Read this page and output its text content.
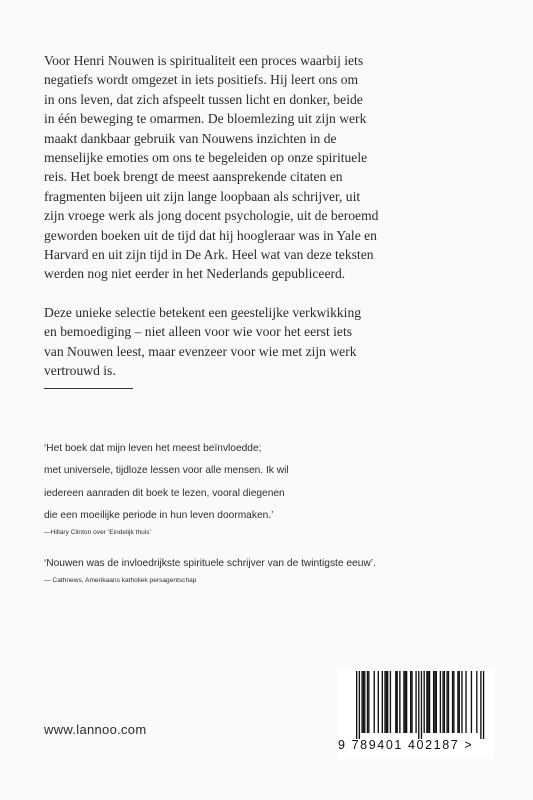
Voor Henri Nouwen is spiritualiteit een proces waarbij iets
negatiefs wordt omgezet in iets positiefs. Hij leert ons om
in ons leven, dat zich afspeelt tussen licht en donker, beide
in één beweging te omarmen. De bloemlezing uit zijn werk
maakt dankbaar gebruik van Nouwens inzichten in de
menselijke emoties om ons te begeleiden op onze spirituele
reis. Het boek brengt de meest aansprekende citaten en
fragmenten bijeen uit zijn lange loopbaan als schrijver, uit
zijn vroege werk als jong docent psychologie, uit de beroemd
geworden boeken uit de tijd dat hij hoogleraar was in Yale en
Harvard en uit zijn tijd in De Ark. Heel wat van deze teksten
werden nog niet eerder in het Nederlands gepubliceerd.

Deze unieke selectie betekent een geestelijke verkwikking
en bemoediging – niet alleen voor wie voor het eerst iets
van Nouwen leest, maar evenzeer voor wie met zijn werk
vertrouwd is.

‘Het boek dat mijn leven het meest beïnvloedde;
met universele, tijdloze lessen voor alle mensen. Ik wil
iedereen aanraden dit boek te lezen, vooral diegenen
die een moeilijke periode in hun leven doormaken.’
—Hillary Clinton over ‘Eindelijk thuis’
‘Nouwen was de invloedrijkste spirituele schrijver van de twintigste eeuw’.
— Cathnews, Amerikaans katholiek persagentschap
www.lannoo.com
9 789401 402187 >
